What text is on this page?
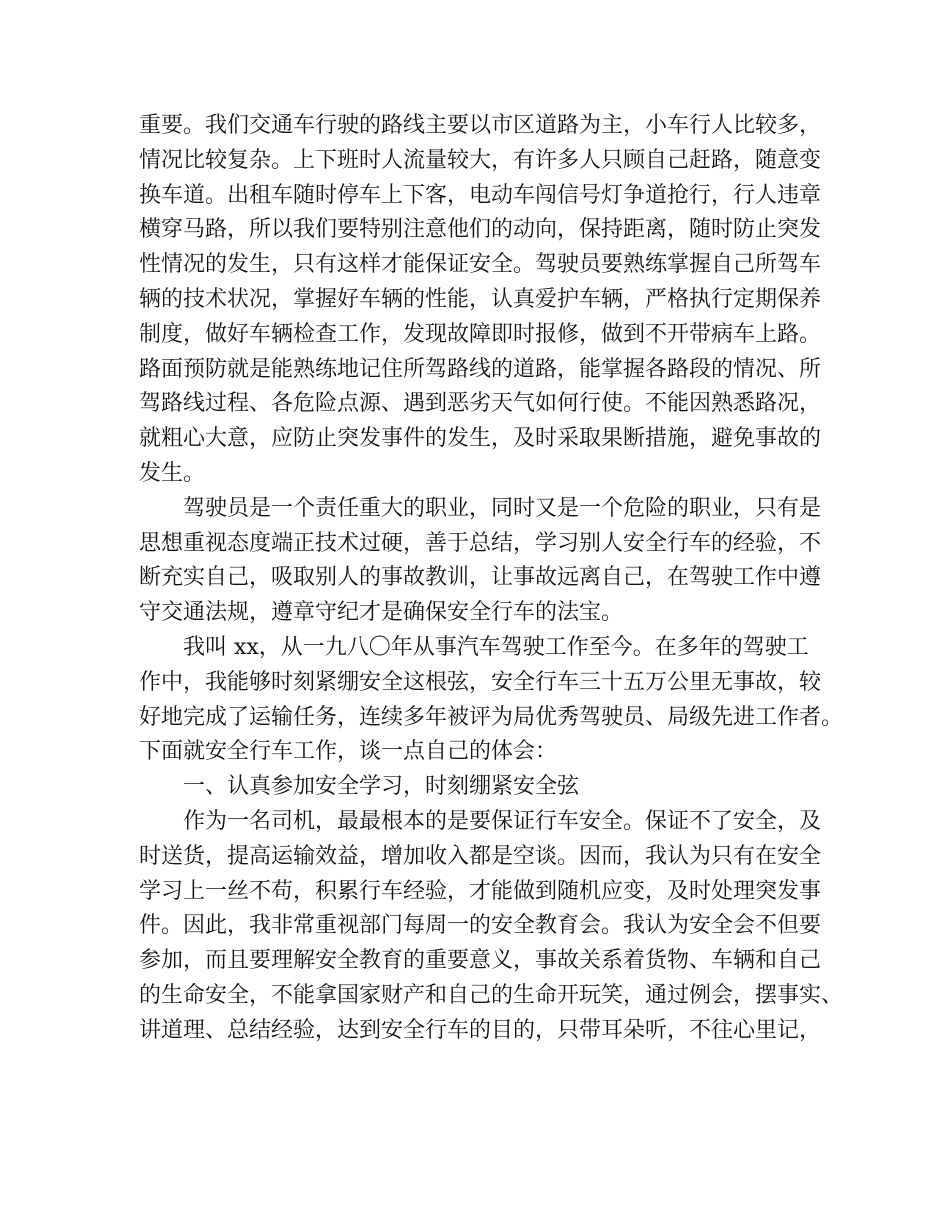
重要。我们交通车行驶的路线主要以市区道路为主，小车行人比较多，
情况比较复杂。上下班时人流量较大，有许多人只顾自己赶路，随意变
换车道。出租车随时停车上下客，电动车闯信号灯争道抢行，行人违章
横穿马路，所以我们要特别注意他们的动向，保持距离，随时防止突发
性情况的发生，只有这样才能保证安全。驾驶员要熟练掌握自己所驾车
辆的技术状况，掌握好车辆的性能，认真爱护车辆，严格执行定期保养
制度，做好车辆检查工作，发现故障即时报修，做到不开带病车上路。
路面预防就是能熟练地记住所驾路线的道路，能掌握各路段的情况、所
驾路线过程、各危险点源、遇到恶劣天气如何行使。不能因熟悉路况，
就粗心大意，应防止突发事件的发生，及时采取果断措施，避免事故的
发生。
驾驶员是一个责任重大的职业，同时又是一个危险的职业，只有是
思想重视态度端正技术过硬，善于总结，学习别人安全行车的经验，不
断充实自己，吸取别人的事故教训，让事故远离自己，在驾驶工作中遵
守交通法规，遵章守纪才是确保安全行车的法宝。
我叫 xx，从一九八〇年从事汽车驾驶工作至今。在多年的驾驶工
作中，我能够时刻紧绷安全这根弦，安全行车三十五万公里无事故，较
好地完成了运输任务，连续多年被评为局优秀驾驶员、局级先进工作者。
下面就安全行车工作，谈一点自己的体会：
一、认真参加安全学习，时刻绷紧安全弦
作为一名司机，最最根本的是要保证行车安全。保证不了安全，及
时送货，提高运输效益，增加收入都是空谈。因而，我认为只有在安全
学习上一丝不苟，积累行车经验，才能做到随机应变，及时处理突发事
件。因此，我非常重视部门每周一的安全教育会。我认为安全会不但要
参加，而且要理解安全教育的重要意义，事故关系着货物、车辆和自己
的生命安全，不能拿国家财产和自己的生命开玩笑，通过例会，摆事实、
讲道理、总结经验，达到安全行车的目的，只带耳朵听，不往心里记，
